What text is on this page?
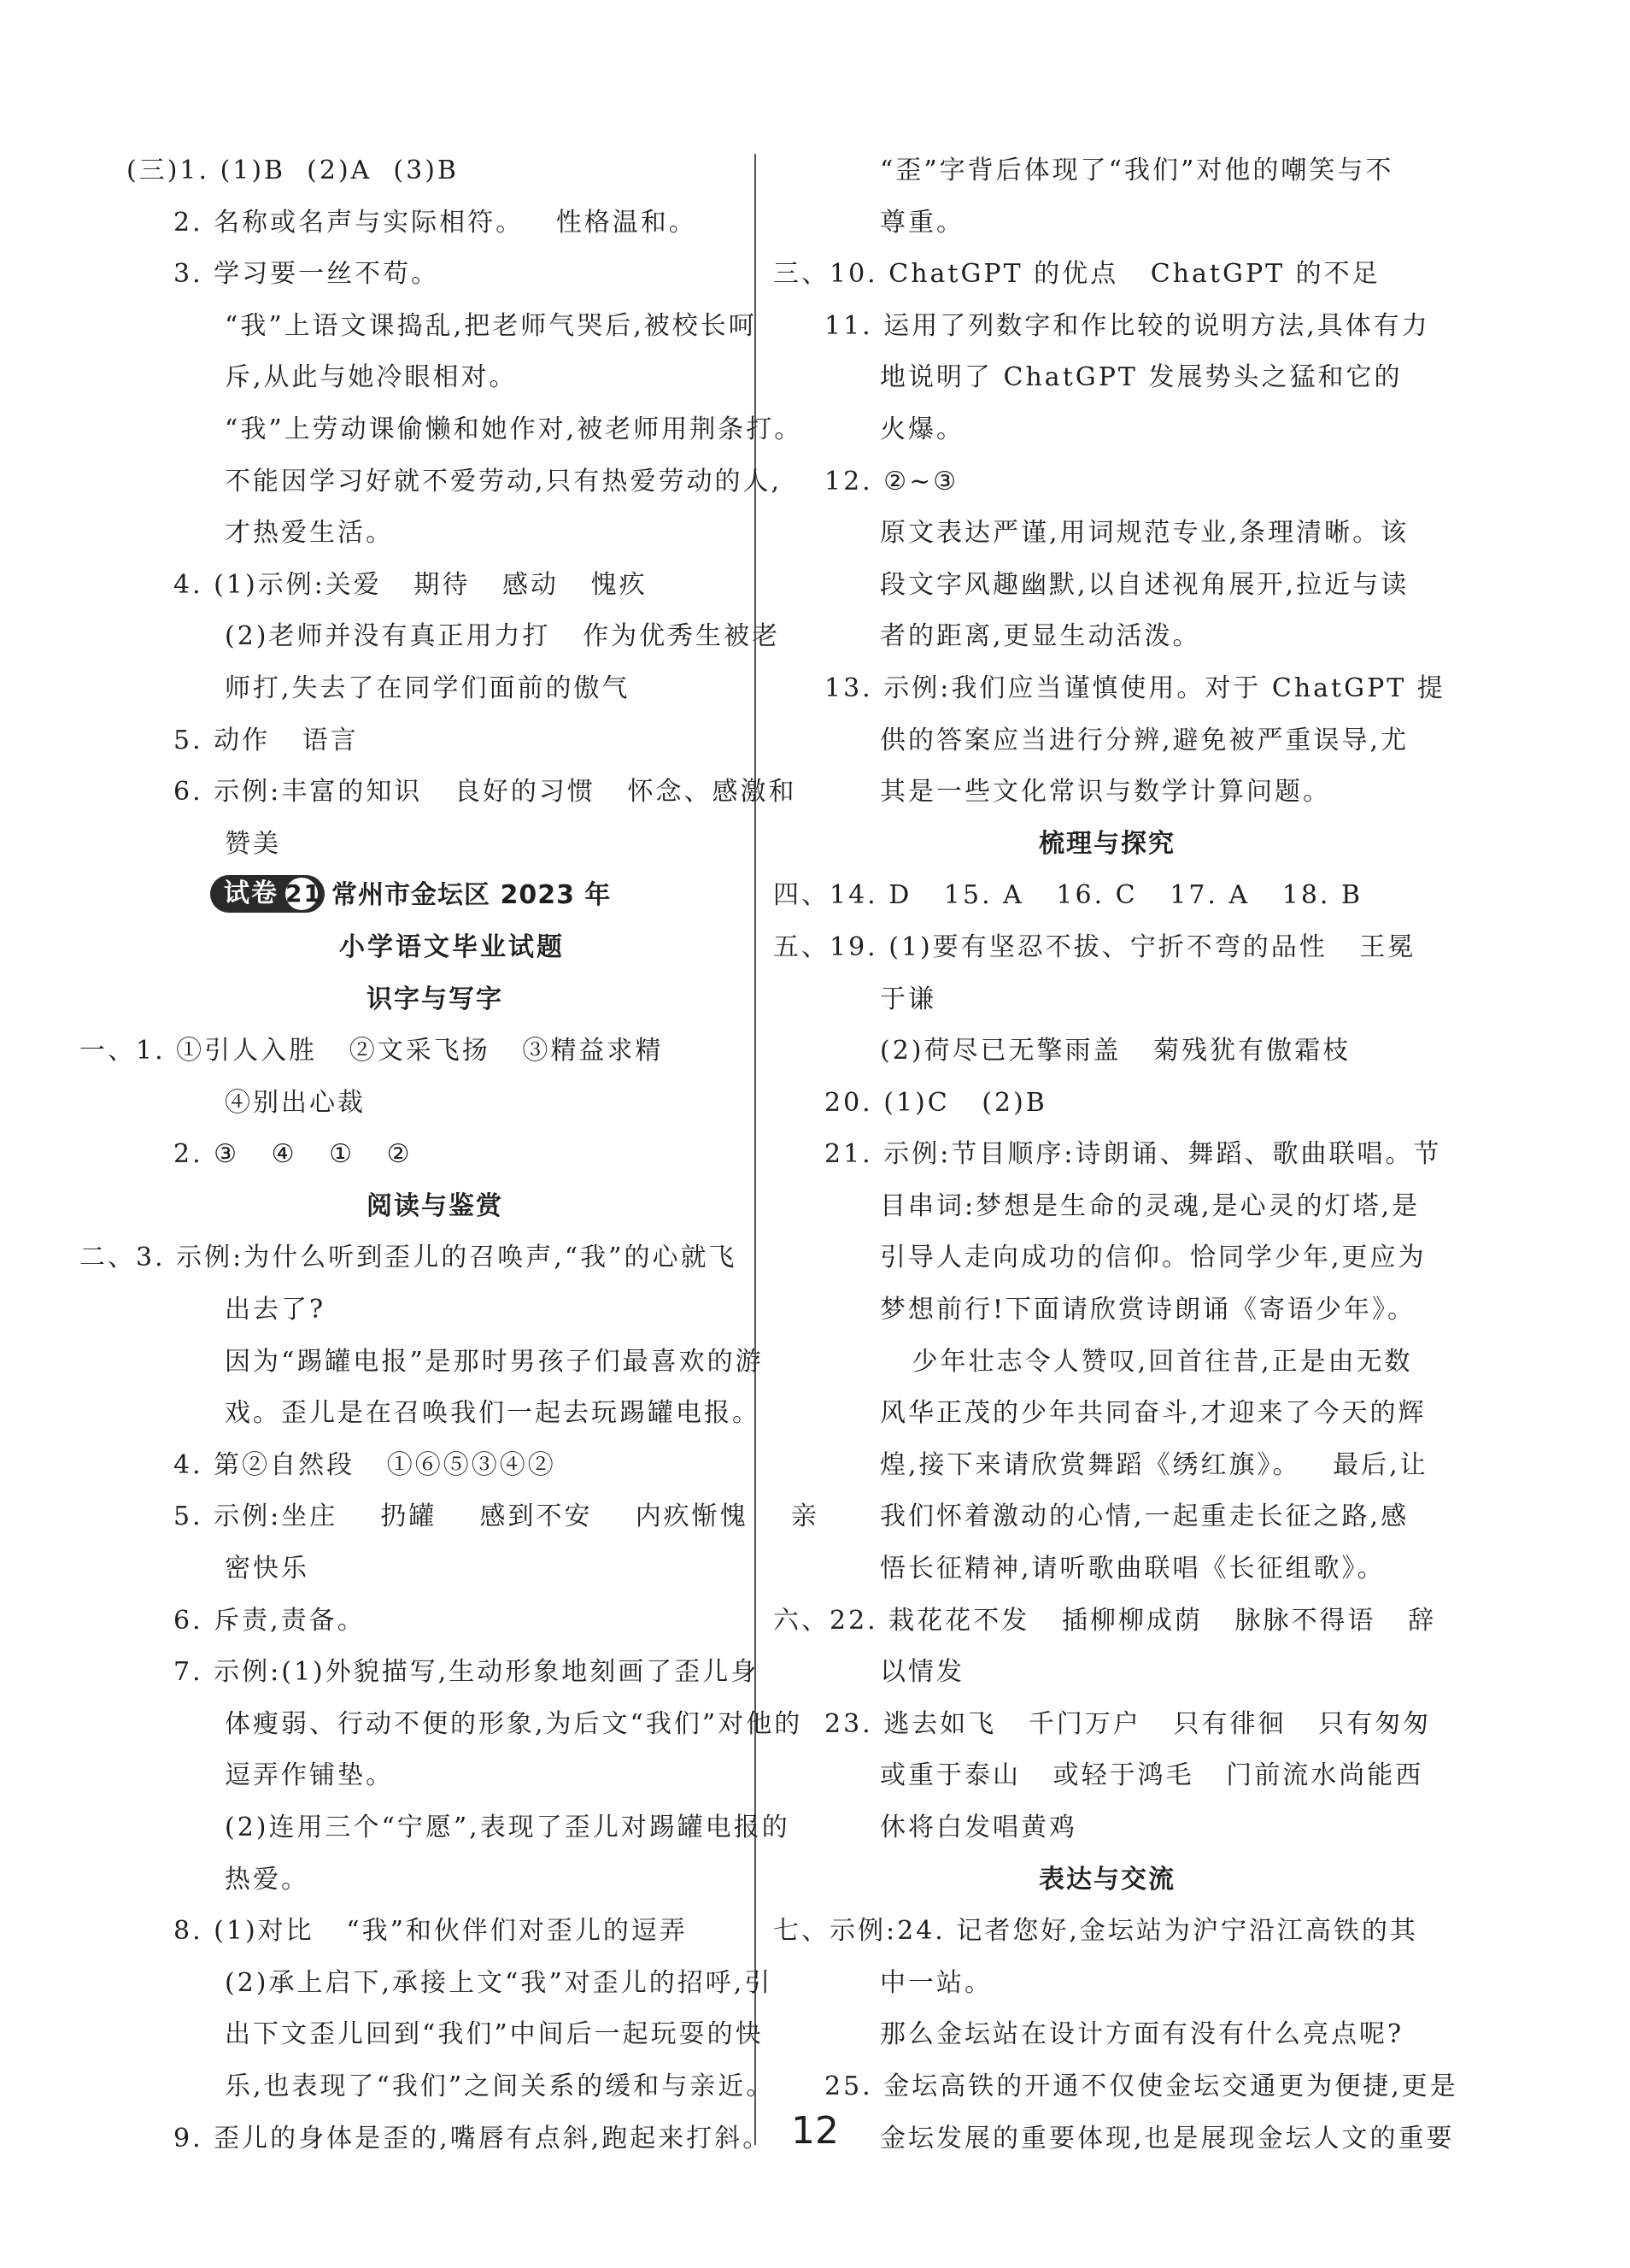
(三)1. (1)B  (2)A  (3)B
2. 名称或名声与实际相符。   性格温和。
3. 学习要一丝不苟。
“我”上语文课捣乱,把老师气哭后,被校长呵
斥,从此与她冷眼相对。
“我”上劳动课偷懒和她作对,被老师用荆条打。
不能因学习好就不爱劳动,只有热爱劳动的人,
才热爱生活。
4. (1)示例:关爱   期待   感动   愧疚
(2)老师并没有真正用力打   作为优秀生被老
师打,失去了在同学们面前的傲气
5. 动作   语言
6. 示例:丰富的知识   良好的习惯   怀念、感激和
赞美
试卷 21 常州市金坛区 2023 年
小学语文毕业试题
识字与写字
一、1. ①引人入胜   ②文采飞扬   ③精益求精
④别出心裁
2. ③   ④   ①   ②
阅读与鉴赏
二、3. 示例:为什么听到歪儿的召唤声,“我”的心就飞
出去了?
因为“踢罐电报”是那时男孩子们最喜欢的游
戏。歪儿是在召唤我们一起去玩踢罐电报。
4. 第②自然段   ①⑥⑤③④②
5. 示例:坐庄    扔罐    感到不安    内疚惭愧    亲
密快乐
6. 斥责,责备。
7. 示例:(1)外貌描写,生动形象地刻画了歪儿身
体瘦弱、行动不便的形象,为后文“我们”对他的
逗弄作铺垫。
(2)连用三个“宁愿”,表现了歪儿对踢罐电报的
热爱。
8. (1)对比   “我”和伙伴们对歪儿的逗弄
(2)承上启下,承接上文“我”对歪儿的招呼,引
出下文歪儿回到“我们”中间后一起玩耍的快
乐,也表现了“我们”之间关系的缓和与亲近。
9. 歪儿的身体是歪的,嘴唇有点斜,跑起来打斜。
“歪”字背后体现了“我们”对他的嘲笑与不
尊重。
三、10. ChatGPT 的优点   ChatGPT 的不足
11. 运用了列数字和作比较的说明方法,具体有力
地说明了 ChatGPT 发展势头之猛和它的
火爆。
12. ②~③
原文表达严谨,用词规范专业,条理清晰。该
段文字风趣幽默,以自述视角展开,拉近与读
者的距离,更显生动活泼。
13. 示例:我们应当谨慎使用。对于 ChatGPT 提
供的答案应当进行分辨,避免被严重误导,尤
其是一些文化常识与数学计算问题。
梳理与探究
四、14. D   15. A   16. C   17. A   18. B
五、19. (1)要有坚忍不拔、宁折不弯的品性   王冕
于谦
(2)荷尽已无擎雨盖   菊残犹有傲霜枝
20. (1)C   (2)B
21. 示例:节目顺序:诗朗诵、舞蹈、歌曲联唱。节
目串词:梦想是生命的灵魂,是心灵的灯塔,是
引导人走向成功的信仰。恰同学少年,更应为
梦想前行!下面请欣赏诗朗诵《寄语少年》。
少年壮志令人赞叹,回首往昔,正是由无数
风华正茂的少年共同奋斗,才迎来了今天的辉
煌,接下来请欣赏舞蹈《绣红旗》。   最后,让
我们怀着激动的心情,一起重走长征之路,感
悟长征精神,请听歌曲联唱《长征组歌》。
六、22. 栽花花不发   插柳柳成荫   脉脉不得语   辞
以情发
23. 逃去如飞   千门万户   只有徘徊   只有匆匆
或重于泰山   或轻于鸿毛   门前流水尚能西
休将白发唱黄鸡
表达与交流
七、示例:24. 记者您好,金坛站为沪宁沿江高铁的其
中一站。
那么金坛站在设计方面有没有什么亮点呢?
25. 金坛高铁的开通不仅使金坛交通更为便捷,更是
金坛发展的重要体现,也是展现金坛人文的重要
12
